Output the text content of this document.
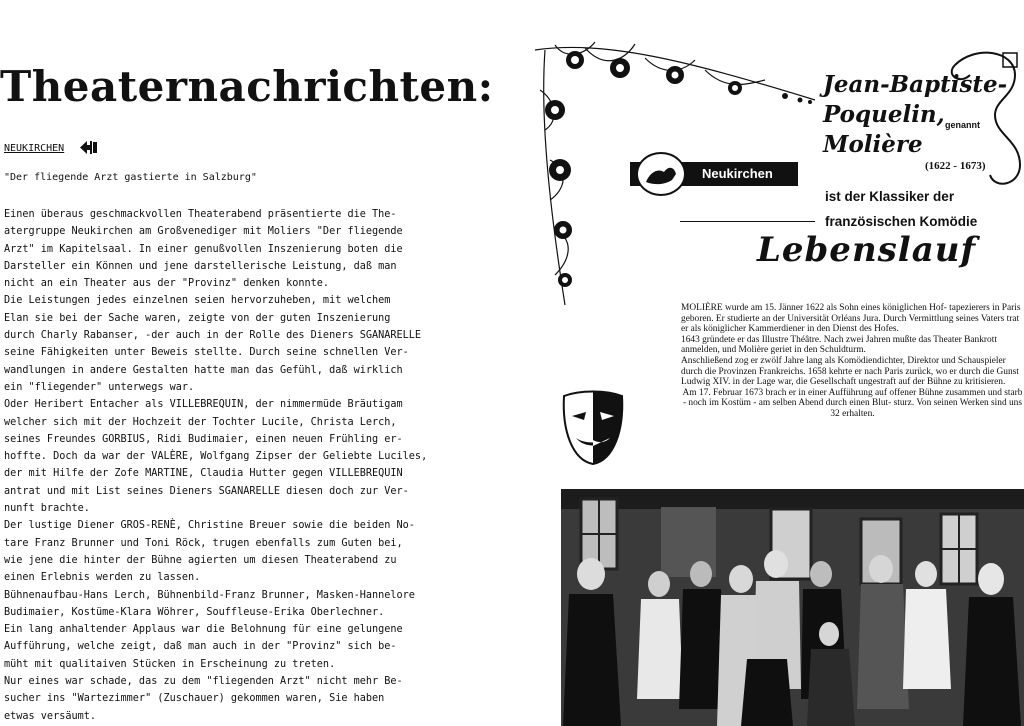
Theaternachrichten:
NEUKIRCHEN
"Der fliegende Arzt gastierte in Salzburg"
Einen überaus geschmackvollen Theaterabend präsentierte die The-
atergruppe Neukirchen am Großvenediger mit Moliers "Der fliegende
Arzt" im Kapitelsaal. In einer genußvollen Inszenierung boten die
Darsteller ein Können und jene darstellerische Leistung, daß man
nicht an ein Theater aus der "Provinz" denken konnte.
Die Leistungen jedes einzelnen seien hervorzuheben, mit welchem
Elan sie bei der Sache waren, zeigte von der guten Inszenierung
durch Charly Rabanser, -der auch in der Rolle des Dieners SGANARELLE
seine Fähigkeiten unter Beweis stellte. Durch seine schnellen Ver-
wandlungen in andere Gestalten hatte man das Gefühl, daß wirklich
ein "fliegender" unterwegs war.
Oder Heribert Entacher als VILLEBREQUIN, der nimmermüde Bräutigam
welcher sich mit der Hochzeit der Tochter Lucile, Christa Lerch,
seines Freundes GORBIUS, Ridi Budimaier, einen neuen Frühling er-
hoffte. Doch da war der VALÈRE, Wolfgang Zipser der Geliebte Luciles,
der mit Hilfe der Zofe MARTINE, Claudia Hutter gegen VILLEBREQUIN
antrat und mit List seines Dieners SGANARELLE diesen doch zur Ver-
nunft brachte.
Der lustige Diener GROS-RENÈ, Christine Breuer sowie die beiden No-
tare Franz Brunner und Toni Röck, trugen ebenfalls zum Guten bei,
wie jene die hinter der Bühne agierten um diesen Theaterabend zu
einen Erlebnis werden zu lassen.
Bühnenaufbau-Hans Lerch, Bühnenbild-Franz Brunner, Masken-Hannelore
Budimaier, Kostüme-Klara Wöhrer, Souffleuse-Erika Oberlechner.
Ein lang anhaltender Applaus war die Belohnung für eine gelungene
Aufführung, welche zeigt, daß man auch in der "Provinz" sich be-
müht mit qualitaiven Stücken in Erscheinung zu treten.
Nur eines war schade, das zu dem "fliegenden Arzt" nicht mehr Be-
sucher ins "Wartezimmer" (Zuschauer) gekommen waren, Sie haben
etwas versäumt.
Neukirchen
Jean-Baptiste-
Poquelin,
Molière
genannt
(1622 - 1673)
ist der Klassiker der
französischen Komödie
Lebenslauf

MOLIÈRE wurde am 15. Jänner 1622 als Sohn eines königlichen Hof- tapezierers in Paris geboren. Er studierte an der Universität Orléans Jura. Durch Vermittlung seines Vaters trat er als königlicher Kammerdiener in den Dienst des Hofes.

1643 gründete er das Illustre Théâtre. Nach zwei Jahren mußte das Theater Bankrott anmelden, und Molière geriet in den Schuldturm.

Anschließend zog er zwölf Jahre lang als Komödiendichter, Direktor und Schauspieler durch die Provinzen Frankreichs. 1658 kehrte er nach Paris zurück, wo er durch die Gunst Ludwig XIV. in der Lage war, die Gesellschaft ungestraft auf der Bühne zu kritisieren.

Am 17. Februar 1673 brach er in einer Aufführung auf offener Bühne zusammen und starb - noch im Kostüm - am selben Abend durch einen Blut- sturz. Von seinen Werken sind uns 32 erhalten.
